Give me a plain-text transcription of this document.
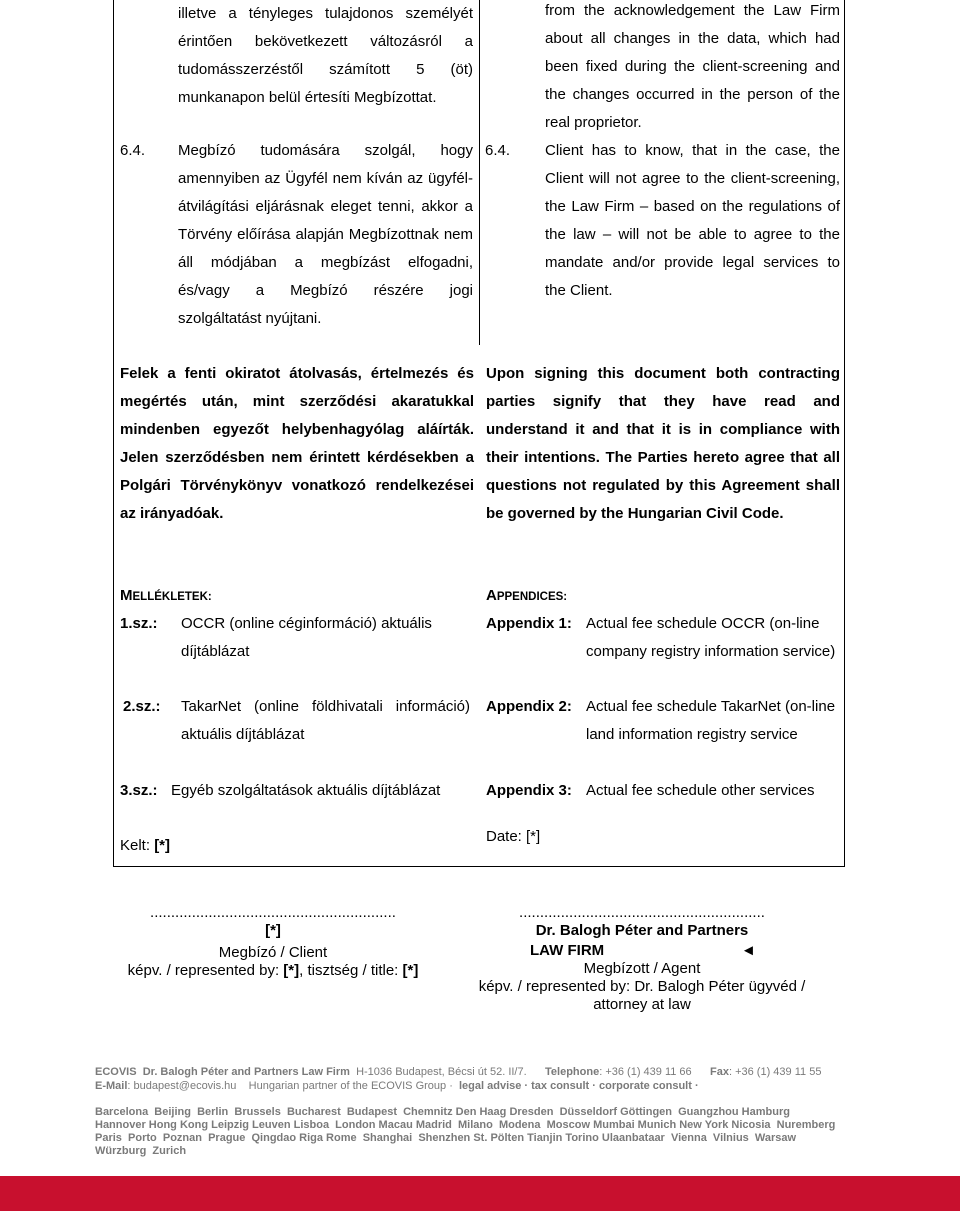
illetve a tényleges tulajdonos személyét érintően bekövetkezett változásról a tudomásszerzéstől számított 5 (öt) munkanapon belül értesíti Megbízottat.
6.4. Megbízó tudomására szolgál, hogy amennyiben az Ügyfél nem kíván az ügyfél-átvilágítási eljárásnak eleget tenni, akkor a Törvény előírása alapján Megbízottnak nem áll módjában a megbízást elfogadni, és/vagy a Megbízó részére jogi szolgáltatást nyújtani.
from the acknowledgement the Law Firm about all changes in the data, which had been fixed during the client-screening and the changes occurred in the person of the real proprietor.
6.4. Client has to know, that in the case, the Client will not agree to the client-screening, the Law Firm – based on the regulations of the law – will not be able to agree to the mandate and/or provide legal services to the Client.
Felek a fenti okiratot átolvasás, értelmezés és megértés után, mint szerződési akaratukkal mindenben egyezőt helybenhagyólag aláírták. Jelen szerződésben nem érintett kérdésekben a Polgári Törvénykönyv vonatkozó rendelkezései az irányadóak.
Upon signing this document both contracting parties signify that they have read and understand it and that it is in compliance with their intentions. The Parties hereto agree that all questions not regulated by this Agreement shall be governed by the Hungarian Civil Code.
MELLÉKLETEK:
1.sz.: OCCR (online céginformáció) aktuális díjtáblázat
2.sz.: TakarNet (online földhivatali információ) aktuális díjtáblázat
3.sz.: Egyéb szolgáltatások aktuális díjtáblázat
APPENDICES:
Appendix 1: Actual fee schedule OCCR (on-line company registry information service)
Appendix 2: Actual fee schedule TakarNet (on-line land information registry service
Appendix 3: Actual fee schedule other services
Kelt: [*]
Date: [*]
...........................................................
[*]
Megbízó / Client
képv. / represented by: [*], tisztség / title: [*]
...........................................................
Dr. Balogh Péter and Partners
LAW FIRM	◄
Megbízott / Agent
képv. / represented by: Dr. Balogh Péter ügyvéd / attorney at law
ECOVIS Dr. Balogh Péter and Partners Law Firm H-1036 Budapest, Bécsi út 52. II/7. Telephone: +36 (1) 439 11 66 Fax: +36 (1) 439 11 55
E-Mail: budapest@ecovis.hu Hungarian partner of the ECOVIS Group · legal advise · tax consult · corporate consult ·
Barcelona  Beijing  Berlin  Brussels  Bucharest  Budapest  Chemnitz Den Haag Dresden  Düsseldorf Göttingen  Guangzhou Hamburg
Hannover Hong Kong Leipzig Leuven Lisboa  London Macau Madrid  Milano  Modena  Moscow Mumbai Munich New York Nicosia  Nuremberg
Paris  Porto  Poznan  Prague  Qingdao Riga Rome  Shanghai  Shenzhen St. Pölten Tianjin Torino Ulaanbataar  Vienna  Vilnius  Warsaw
Würzburg  Zurich
